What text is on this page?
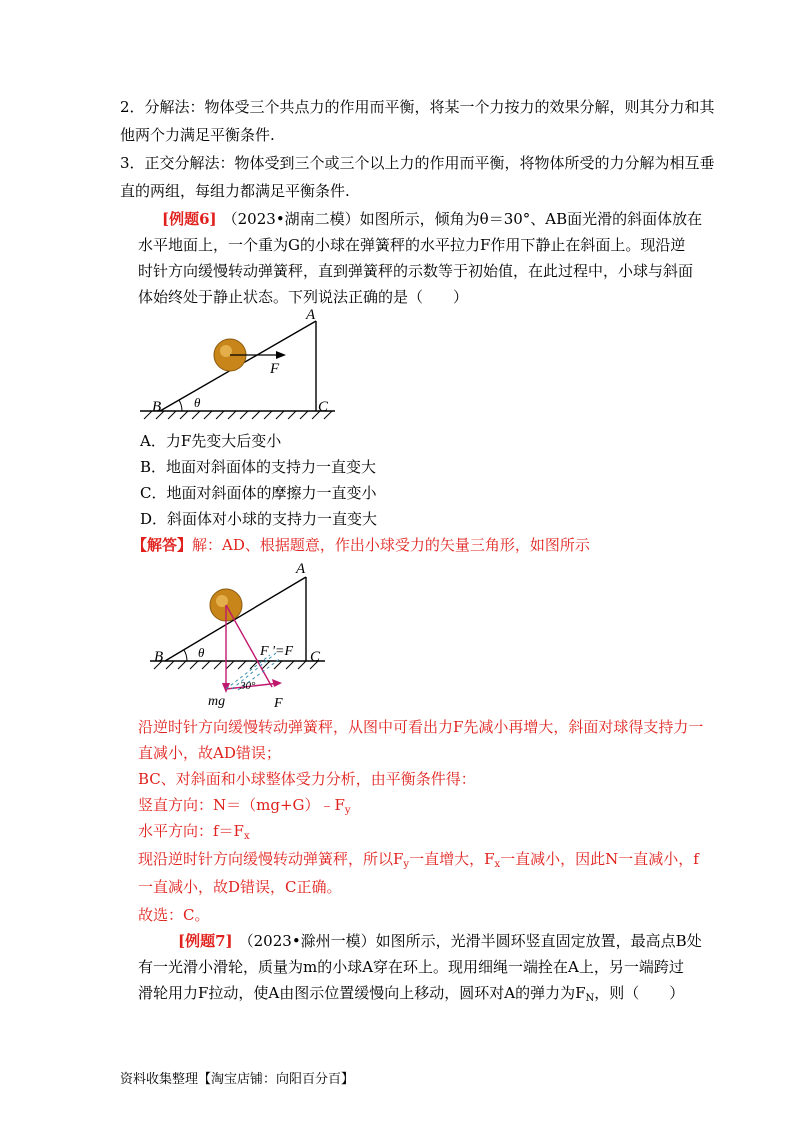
2．分解法：物体受三个共点力的作用而平衡，将某一个力按力的效果分解，则其分力和其
他两个力满足平衡条件.
3．正交分解法：物体受到三个或三个以上力的作用而平衡，将物体所受的力分解为相互垂
直的两组，每组力都满足平衡条件.
[例题6] （2023•湖南二模）如图所示，倾角为θ＝30°、AB面光滑的斜面体放在
水平地面上，一个重为G的小球在弹簧秤的水平拉力F作用下静止在斜面上。现沿逆
时针方向缓慢转动弹簧秤，直到弹簧秤的示数等于初始值，在此过程中，小球与斜面
体始终处于静止状态。下列说法正确的是（　　）
F
A
B	C
θ
A．力F先变大后变小
B．地面对斜面体的支持力一直变大
C．地面对斜面体的摩擦力一直变小
D．斜面体对小球的支持力一直变大
【解答】解：AD、根据题意，作出小球受力的矢量三角形，如图所示
30°
A
B	C
θ	F '=F
mg	F
沿逆时针方向缓慢转动弹簧秤，从图中可看出力F先减小再增大，斜面对球得支持力一
直减小，故AD错误；
BC、对斜面和小球整体受力分析，由平衡条件得：
竖直方向：$N=(mg+G)﹣F_y$
水平方向：$f=F_x$
现沿逆时针方向缓慢转动弹簧秤，所以$F_y$一直增大，$F_x$一直减小，因此N一直减小，f
一直减小，故D错误，C正确。
故选：C。
[例题7] （2023•滁州一模）如图所示，光滑半圆环竖直固定放置，最高点B处
有一光滑小滑轮，质量为m的小球A穿在环上。现用细绳一端拴在A上，另一端跨过
滑轮用力F拉动，使A由图示位置缓慢向上移动，圆环对A的弹力为$F_N$，则（　　）
资料收集整理【淘宝店铺：向阳百分百】
